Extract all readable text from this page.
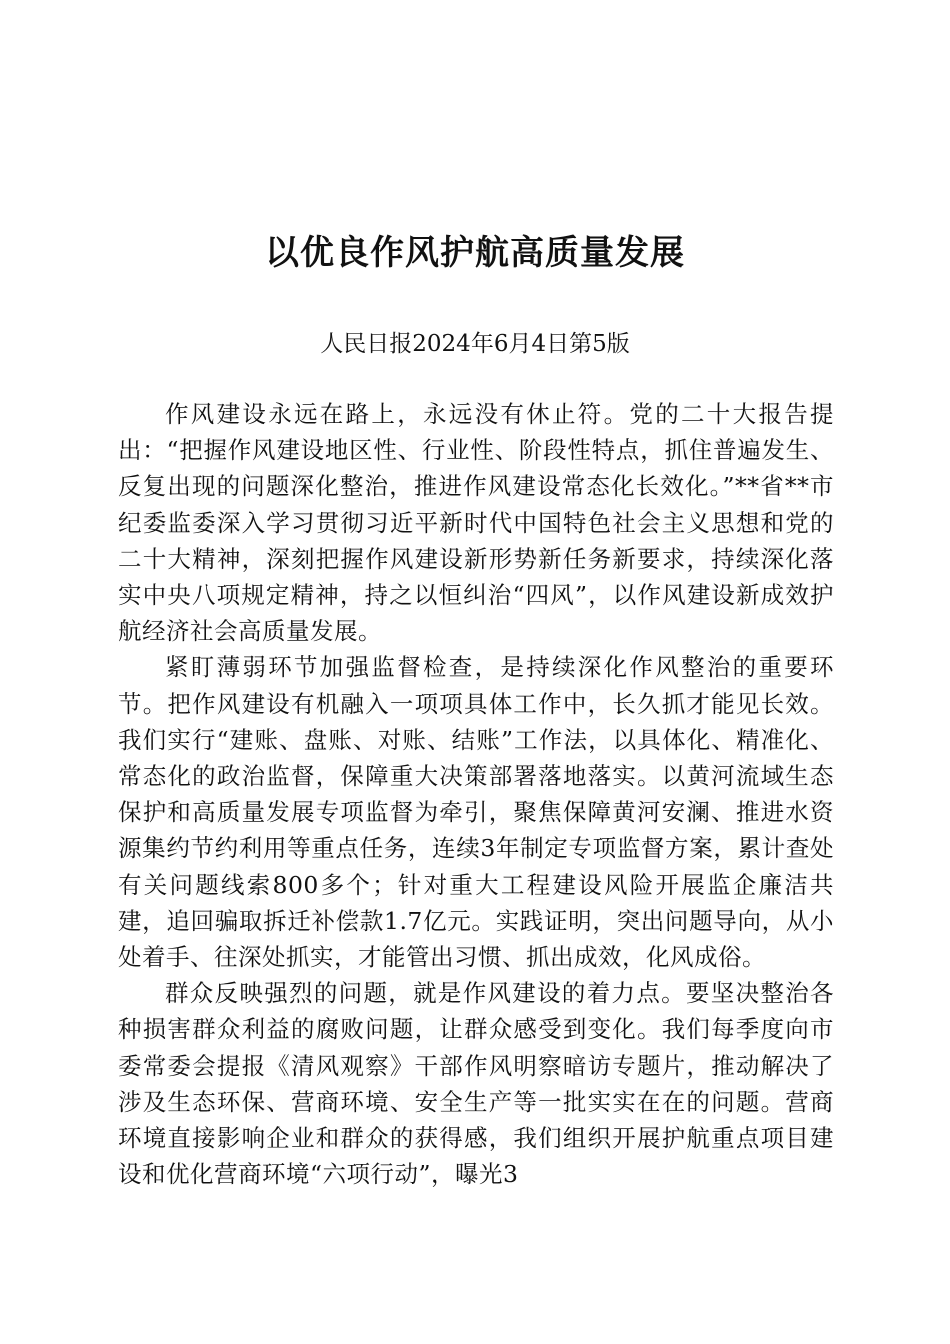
以优良作风护航高质量发展

人民日报2024年6月4日第5版

作风建设永远在路上，永远没有休止符。党的二十大报告提出：“把握作风建设地区性、行业性、阶段性特点，抓住普遍发生、反复出现的问题深化整治，推进作风建设常态化长效化。”**省**市纪委监委深入学习贯彻习近平新时代中国特色社会主义思想和党的二十大精神，深刻把握作风建设新形势新任务新要求，持续深化落实中央八项规定精神，持之以恒纠治“四风”，以作风建设新成效护航经济社会高质量发展。

紧盯薄弱环节加强监督检查，是持续深化作风整治的重要环节。把作风建设有机融入一项项具体工作中，长久抓才能见长效。我们实行“建账、盘账、对账、结账”工作法，以具体化、精准化、常态化的政治监督，保障重大决策部署落地落实。以黄河流域生态保护和高质量发展专项监督为牵引，聚焦保障黄河安澜、推进水资源集约节约利用等重点任务，连续3年制定专项监督方案，累计查处有关问题线索800多个；针对重大工程建设风险开展监企廉洁共建，追回骗取拆迁补偿款1.7亿元。实践证明，突出问题导向，从小处着手、往深处抓实，才能管出习惯、抓出成效，化风成俗。

群众反映强烈的问题，就是作风建设的着力点。要坚决整治各种损害群众利益的腐败问题，让群众感受到变化。我们每季度向市委常委会提报《清风观察》干部作风明察暗访专题片，推动解决了涉及生态环保、营商环境、安全生产等一批实实在在的问题。营商环境直接影响企业和群众的获得感，我们组织开展护航重点项目建设和优化营商环境“六项行动”，曝光3
